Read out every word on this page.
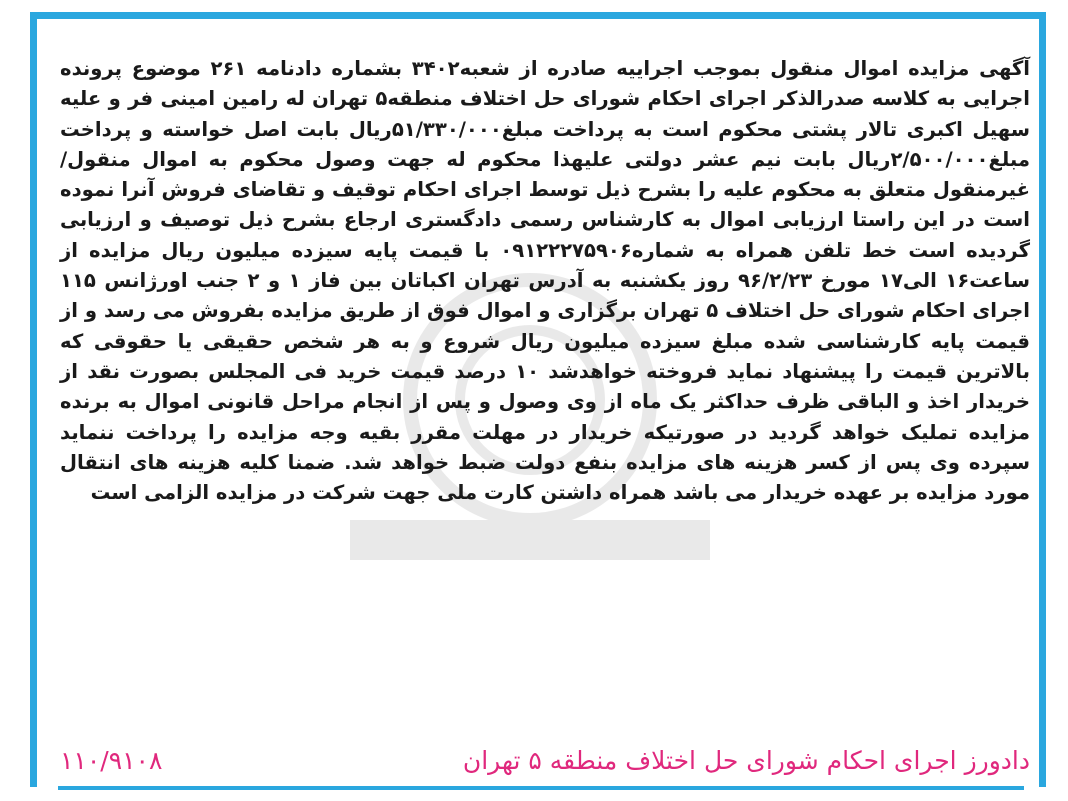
آگهی مزایده اموال منقول بموجب اجراییه صادره از شعبه۳۴۰۲ بشماره دادنامه ۲۶۱ موضوع پرونده اجرایی به کلاسه صدرالذکر اجرای احکام شورای حل اختلاف منطقه۵ تهران له رامین امینی فر و علیه سهیل اکبری تالار پشتی محکوم است به پرداخت مبلغ۵۱/۳۳۰/۰۰۰ریال بابت اصل خواسته و پرداخت مبلغ۲/۵۰۰/۰۰۰ریال بابت نیم عشر دولتی علیهذا محکوم له جهت وصول محکوم به اموال منقول/غیرمنقول متعلق به محکوم علیه را بشرح ذیل توسط اجرای احکام توقیف و تقاضای فروش آنرا نموده است در این راستا ارزیابی اموال به کارشناس رسمی دادگستری ارجاع بشرح ذیل توصیف و ارزیابی گردیده است خط تلفن همراه به شماره۰۹۱۲۲۲۷۵۹۰۶ با قیمت پایه سیزده میلیون ریال مزایده از ساعت۱۶ الی۱۷ مورخ ۹۶/۲/۲۳ روز یکشنبه به آدرس تهران اکباتان بین فاز ۱ و ۲ جنب اورژانس ۱۱۵ اجرای احکام شورای حل اختلاف ۵ تهران برگزاری و اموال فوق از طریق مزایده بفروش می رسد و از قیمت پایه کارشناسی شده مبلغ سیزده میلیون ریال شروع و به هر شخص حقیقی یا حقوقی که بالاترین قیمت را پیشنهاد نماید فروخته خواهدشد ۱۰ درصد قیمت خرید فی المجلس بصورت نقد از خریدار اخذ و الباقی ظرف حداکثر یک ماه از وی وصول و پس از انجام مراحل قانونی اموال به برنده مزایده تملیک خواهد گردید در صورتیکه خریدار در مهلت مقرر بقیه وجه مزایده را پرداخت ننماید سپرده وی پس از کسر هزینه های مزایده بنفع دولت ضبط خواهد شد. ضمنا کلیه هزینه های انتقال مورد مزایده بر عهده خریدار می باشد همراه داشتن کارت ملی جهت شرکت در مزایده الزامی است
دادورز اجرای احکام شورای حل اختلاف منطقه ۵ تهران
۱۱۰/۹۱۰۸
